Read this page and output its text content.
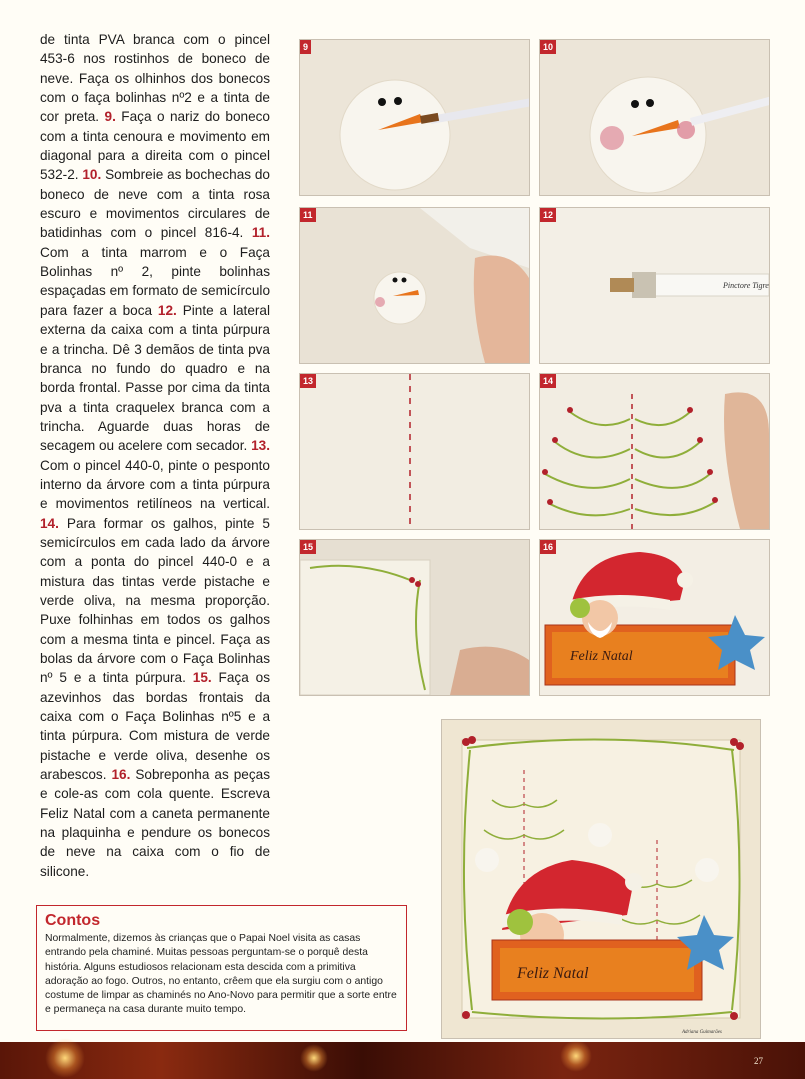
de tinta PVA branca com o pincel 453-6 nos rostinhos de boneco de neve. Faça os olhinhos dos bonecos com o faça bolinhas nº2 e a tinta de cor preta. 9. Faça o nariz do boneco com a tinta cenoura e movimento em diagonal para a direita com o pincel 532-2. 10. Sombreie as bochechas do boneco de neve com a tinta rosa escuro e movimentos circulares de batidinhas com o pincel 816-4. 11. Com a tinta marrom e o Faça Bolinhas nº 2, pinte bolinhas espaçadas em formato de semicírculo para fazer a boca 12. Pinte a lateral externa da caixa com a tinta púrpura e a trincha. Dê 3 demãos de tinta pva branca no fundo do quadro e na borda frontal. Passe por cima da tinta pva a tinta craquelex branca com a trincha. Aguarde duas horas de secagem ou acelere com secador. 13. Com o pincel 440-0, pinte o pesponto interno da árvore com a tinta púrpura e movimentos retilíneos na vertical. 14. Para formar os galhos, pinte 5 semicírculos em cada lado da árvore com a ponta do pincel 440-0 e a mistura das tintas verde pistache e verde oliva, na mesma proporção. Puxe folhinhas em todos os galhos com a mesma tinta e pincel. Faça as bolas da árvore com o Faça Bolinhas nº 5 e a tinta púrpura. 15. Faça os azevinhos das bordas frontais da caixa com o Faça Bolinhas nº5 e a tinta púrpura. Com mistura de verde pistache e verde oliva, desenhe os arabescos. 16. Sobreponha as peças e cole-as com cola quente. Escreva Feliz Natal com a caneta permanente na plaquinha e pendure os bonecos de neve na caixa com o fio de silicone.
9	10
11	12
Pinctore Tigre
13	14
15	16
Feliz Natal
Feliz Natal
Adriana Guimarães
Contos
Normalmente, dizemos às crianças que o Papai Noel visita as casas entrando pela chaminé. Muitas pessoas perguntam-se o porquê desta história. Alguns estudiosos relacionam esta descida com a primitiva adoração ao fogo. Outros, no entanto, crêem que ela surgiu com o antigo costume de limpar as chaminés no Ano-Novo para permitir que a sorte entre e permaneça na casa durante muito tempo.
27
